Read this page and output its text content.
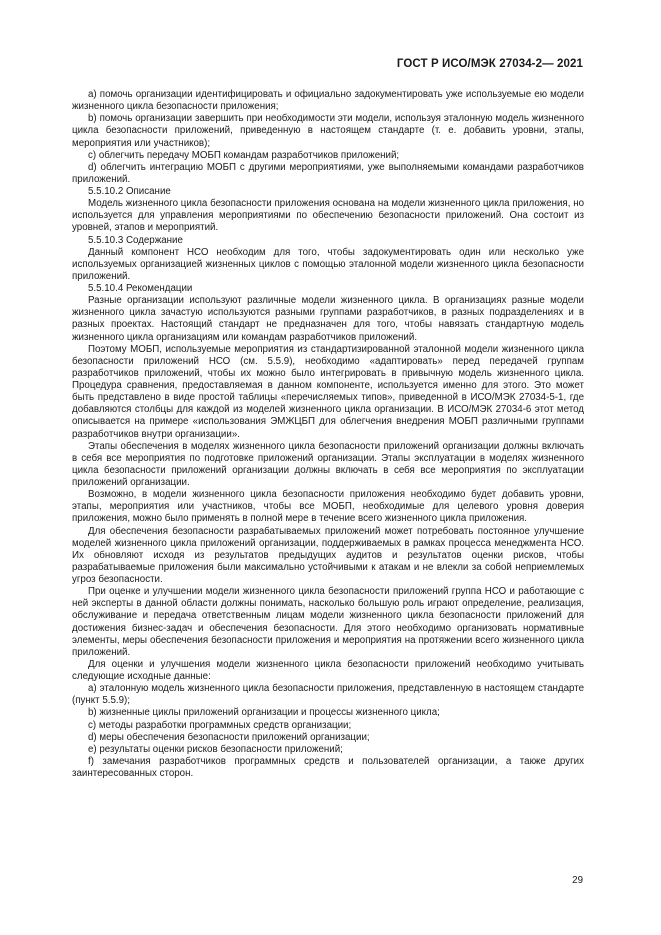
ГОСТ Р ИСО/МЭК 27034-2— 2021

a) помочь организации идентифицировать и официально задокументировать уже используемые ею модели жизненного цикла безопасности приложения;

b) помочь организации завершить при необходимости эти модели, используя эталонную модель жизненного цикла безопасности приложений, приведенную в настоящем стандарте (т. е. добавить уровни, этапы, мероприятия или участников);

c) облегчить передачу МОБП командам разработчиков приложений;

d) облегчить интеграцию МОБП с другими мероприятиями, уже выполняемыми командами разработчиков приложений.

5.5.10.2 Описание

Модель жизненного цикла безопасности приложения основана на модели жизненного цикла приложения, но используется для управления мероприятиями по обеспечению безопасности приложений. Она состоит из уровней, этапов и мероприятий.

5.5.10.3 Содержание

Данный компонент НСО необходим для того, чтобы задокументировать один или несколько уже используемых организацией жизненных циклов с помощью эталонной модели жизненного цикла безопасности приложений.

5.5.10.4 Рекомендации

Разные организации используют различные модели жизненного цикла. В организациях разные модели жизненного цикла зачастую используются разными группами разработчиков, в разных подразделениях и в разных проектах. Настоящий стандарт не предназначен для того, чтобы навязать стандартную модель жизненного цикла организациям или командам разработчиков приложений.

Поэтому МОБП, используемые мероприятия из стандартизированной эталонной модели жизненного цикла безопасности приложений НСО (см. 5.5.9), необходимо «адаптировать» перед передачей группам разработчиков приложений, чтобы их можно было интегрировать в привычную модель жизненного цикла. Процедура сравнения, предоставляемая в данном компоненте, используется именно для этого. Это может быть представлено в виде простой таблицы «перечисляемых типов», приведенной в ИСО/МЭК 27034-5-1, где добавляются столбцы для каждой из моделей жизненного цикла организации. В ИСО/МЭК 27034-6 этот метод описывается на примере «использования ЭМЖЦБП для облегчения внедрения МОБП различными группами разработчиков внутри организации».

Этапы обеспечения в моделях жизненного цикла безопасности приложений организации должны включать в себя все мероприятия по подготовке приложений организации. Этапы эксплуатации в моделях жизненного цикла безопасности приложений организации должны включать в себя все мероприятия по эксплуатации приложений организации.

Возможно, в модели жизненного цикла безопасности приложения необходимо будет добавить уровни, этапы, мероприятия или участников, чтобы все МОБП, необходимые для целевого уровня доверия приложения, можно было применять в полной мере в течение всего жизненного цикла приложения.

Для обеспечения безопасности разрабатываемых приложений может потребовать постоянное улучшение моделей жизненного цикла приложений организации, поддерживаемых в рамках процесса менеджмента НСО. Их обновляют исходя из результатов предыдущих аудитов и результатов оценки рисков, чтобы разрабатываемые приложения были максимально устойчивыми к атакам и не влекли за собой неприемлемых угроз безопасности.

При оценке и улучшении модели жизненного цикла безопасности приложений группа НСО и работающие с ней эксперты в данной области должны понимать, насколько большую роль играют определение, реализация, обслуживание и передача ответственным лицам модели жизненного цикла безопасности приложений для достижения бизнес-задач и обеспечения безопасности. Для этого необходимо организовать нормативные элементы, меры обеспечения безопасности приложения и мероприятия на протяжении всего жизненного цикла приложений.

Для оценки и улучшения модели жизненного цикла безопасности приложений необходимо учитывать следующие исходные данные:

a) эталонную модель жизненного цикла безопасности приложения, представленную в настоящем стандарте (пункт 5.5.9);

b) жизненные циклы приложений организации и процессы жизненного цикла;

c) методы разработки программных средств организации;

d) меры обеспечения безопасности приложений организации;

e) результаты оценки рисков безопасности приложений;

f) замечания разработчиков программных средств и пользователей организации, а также других заинтересованных сторон.

29
